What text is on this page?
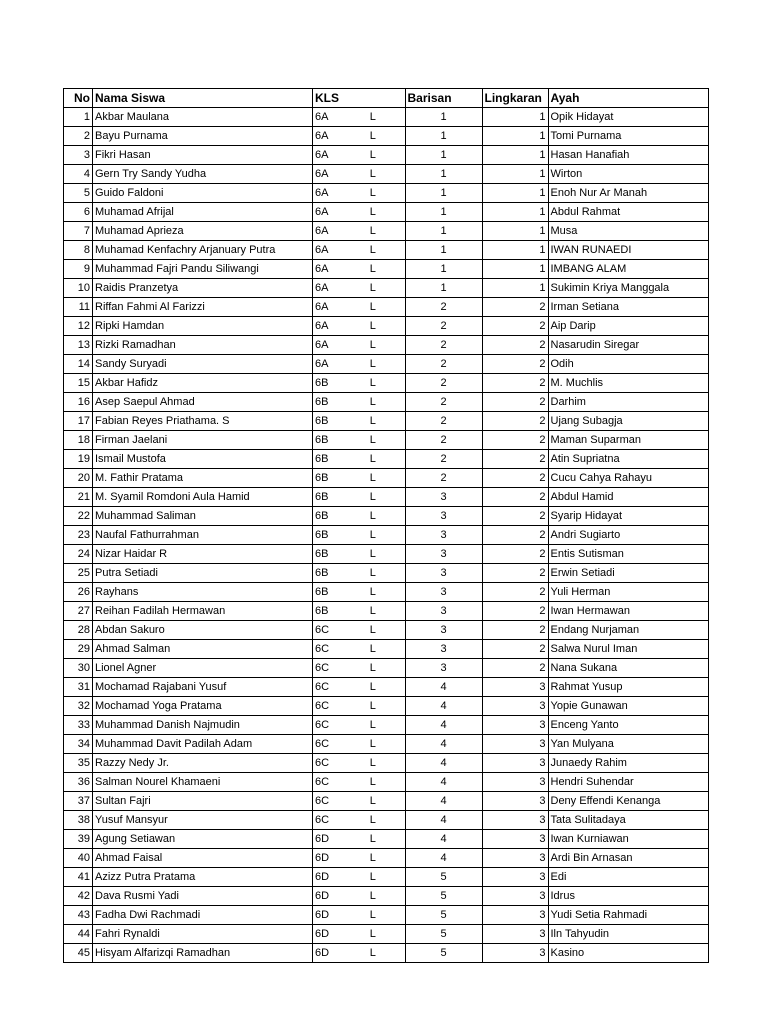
No	Nama Siswa	KLS		Barisan	Lingkaran	Ayah
1	Akbar Maulana	6A	L	1	1	Opik Hidayat
2	Bayu Purnama	6A	L	1	1	Tomi Purnama
3	Fikri Hasan	6A	L	1	1	Hasan Hanafiah
4	Gern Try Sandy Yudha	6A	L	1	1	Wirton
5	Guido Faldoni	6A	L	1	1	Enoh Nur Ar Manah
6	Muhamad Afrijal	6A	L	1	1	Abdul Rahmat
7	Muhamad Aprieza	6A	L	1	1	Musa
8	Muhamad Kenfachry Arjanuary Putra	6A	L	1	1	IWAN RUNAEDI
9	Muhammad Fajri Pandu Siliwangi	6A	L	1	1	IMBANG ALAM
10	Raidis Pranzetya	6A	L	1	1	Sukimin Kriya Manggala
11	Riffan Fahmi Al Farizzi	6A	L	2	2	Irman Setiana
12	Ripki Hamdan	6A	L	2	2	Aip Darip
13	Rizki Ramadhan	6A	L	2	2	Nasarudin Siregar
14	Sandy Suryadi	6A	L	2	2	Odih
15	Akbar Hafidz	6B	L	2	2	M. Muchlis
16	Asep Saepul Ahmad	6B	L	2	2	Darhim
17	Fabian Reyes Priathama. S	6B	L	2	2	Ujang Subagja
18	Firman Jaelani	6B	L	2	2	Maman Suparman
19	Ismail Mustofa	6B	L	2	2	Atin Supriatna
20	M. Fathir Pratama	6B	L	2	2	Cucu Cahya Rahayu
21	M. Syamil Romdoni Aula Hamid	6B	L	3	2	Abdul Hamid
22	Muhammad Saliman	6B	L	3	2	Syarip Hidayat
23	Naufal Fathurrahman	6B	L	3	2	Andri Sugiarto
24	Nizar Haidar R	6B	L	3	2	Entis Sutisman
25	Putra Setiadi	6B	L	3	2	Erwin Setiadi
26	Rayhans	6B	L	3	2	Yuli Herman
27	Reihan Fadilah Hermawan	6B	L	3	2	Iwan Hermawan
28	Abdan Sakuro	6C	L	3	2	Endang Nurjaman
29	Ahmad Salman	6C	L	3	2	Salwa Nurul Iman
30	Lionel Agner	6C	L	3	2	Nana Sukana
31	Mochamad Rajabani Yusuf	6C	L	4	3	Rahmat Yusup
32	Mochamad Yoga Pratama	6C	L	4	3	Yopie Gunawan
33	Muhammad Danish Najmudin	6C	L	4	3	Enceng Yanto
34	Muhammad Davit Padilah Adam	6C	L	4	3	Yan Mulyana
35	Razzy Nedy Jr.	6C	L	4	3	Junaedy Rahim
36	Salman Nourel Khamaeni	6C	L	4	3	Hendri Suhendar
37	Sultan Fajri	6C	L	4	3	Deny Effendi Kenanga
38	Yusuf Mansyur	6C	L	4	3	Tata Sulitadaya
39	Agung Setiawan	6D	L	4	3	Iwan Kurniawan
40	Ahmad Faisal	6D	L	4	3	Ardi Bin Arnasan
41	Azizz Putra Pratama	6D	L	5	3	Edi
42	Dava Rusmi Yadi	6D	L	5	3	Idrus
43	Fadha Dwi Rachmadi	6D	L	5	3	Yudi Setia Rahmadi
44	Fahri Rynaldi	6D	L	5	3	Iln Tahyudin
45	Hisyam Alfarizqi Ramadhan	6D	L	5	3	Kasino
